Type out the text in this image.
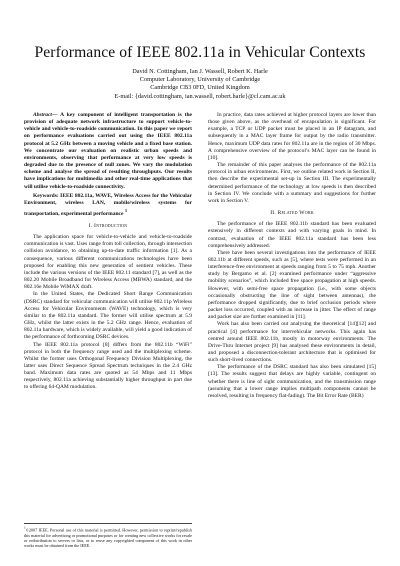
Performance of IEEE 802.11a in Vehicular Contexts
David N. Cottingham, Ian J. Wassell, Robert K. Harle
Computer Laboratory, University of Cambridge
Cambridge CB3 0FD, United Kingdom
E-mail: {david.cottingham, ian.wassell, robert.harle}@cl.cam.ac.uk

Abstract— A key component of intelligent transportation is the provision of adequate network infrastructure to support vehicle-to-vehicle and vehicle-to-roadside communication. In this paper we report on performance evaluations carried out using the IEEE 802.11a protocol at 5.2 GHz between a moving vehicle and a fixed base station. We concentrate our evaluation on realistic urban speeds and environments, observing that performance at very low speeds is degraded due to the presence of null zones. We vary the modulation scheme and analyse the spread of resulting throughputs. Our results have implications for multimedia and other real-time applications that will utilise vehicle-to-roadside connectivity.

Keywords: IEEE 802.11a, WAVE, Wireless Access for the Vehicular Environment, wireless LAN, mobile/wireless systems for transportation, experimental performance $^1$

I. Introduction

The application space for vehicle-to-vehicle and vehicle-to-roadside communication is vast. Uses range from toll collection, through intersection collision avoidance, to obtaining up-to-date traffic information [1]. As a consequence, various different communications technologies have been proposed for enabling this new generation of sentient vehicles. These include the various versions of the IEEE 802.11 standard [7], as well as the 802.20 Mobile Broadband for Wireless Access (MBWA) standard, and the 802.16e Mobile WiMAX draft.

In the United States, the Dedicated Short Range Communication (DSRC) standard for vehicular communication will utilise 802.11p Wireless Access for Vehicular Environments (WAVE) technology, which is very similar to the 802.11a standard. The former will utilise spectrum at 5.9 GHz, whilst the latter exists in the 5.2 GHz range. Hence, evaluation of 802.11a hardware, which is widely available, will yield a good indication of the performance of forthcoming DSRC devices.

The IEEE 802.11a protocol [8] differs from the 802.11b “WiFi” protocol in both the frequency range used and the multiplexing scheme. Whilst the former uses Orthogonal Frequency Division Multiplexing, the latter uses Direct Sequence Spread Spectrum techniques in the 2.4 GHz band. Maximum data rates are quoted as 54 Mbps and 11 Mbps respectively, 802.11a achieving substantially higher throughput in part due to offering 64-QAM modulation.

$^1$©2007 IEEE. Personal use of this material is permitted. However, permission to reprint/republish this material for advertising or promotional purposes or for creating new collective works for resale or redistribution to servers or lists, or to reuse any copyrighted component of this work in other works must be obtained from the IEEE.

In practice, data rates achieved at higher protocol layers are lower than those given above, as the overhead of encapsulation is significant. For example, a TCP or UDP packet must be placed in an IP datagram, and subsequently in a MAC layer frame for output by the radio transmitter. Hence, maximum UDP data rates for 802.11a are in the region of 30 Mbps. A comprehensive overview of the protocol’s MAC layer can be found in [10].

The remainder of this paper analyses the performance of the 802.11a protocol in urban environments. First, we outline related work in Section II, then describe the experimental set-up in Section III. The experimentally determined performance of the technology at low speeds is then described in Section IV. We conclude with a summary and suggestions for further work in Section V.

II. Related Work

The performance of the IEEE 802.11b standard has been evaluated extensively in different contexts and with varying goals in mind. In contrast, evaluation of the IEEE 802.11a standard has been less comprehensively addressed.

There have been several investigations into the performance of IEEE 802.11b at different speeds, such as [5], where tests were performed in an interference-free environment at speeds ranging from 5 to 75 mph. Another study by Bergamo et al. [2] examined performance under “aggressive mobility scenarios”, which included free space propagation at high speeds. However, with semi-free space propagation (i.e., with some objects occasionally obstructing the line of sight between antennas), the performance dropped significantly, due to brief occlusion periods where packet loss occurred, coupled with an increase in jitter. The effect of range and packet size are further examined in [11].

Work has also been carried out analysing the theoretical [14][12] and practical [4] performance for intervehicular networks. This again has centred around IEEE 802.11b, mostly in motorway environments. The Drive-Thru Internet project [9] has analysed these environments in detail, and proposed a disconnection-tolerant architecture that is optimised for such short-lived connections.

The performance of the DSRC standard has also been simulated [15][13]. The results suggest that delays are highly variable, contingent on whether there is line of sight communication, and the transmission range (assuming that a lower range implies multipath components cannot be resolved, resulting in frequency flat-fading). The Bit Error Rate (BER)
